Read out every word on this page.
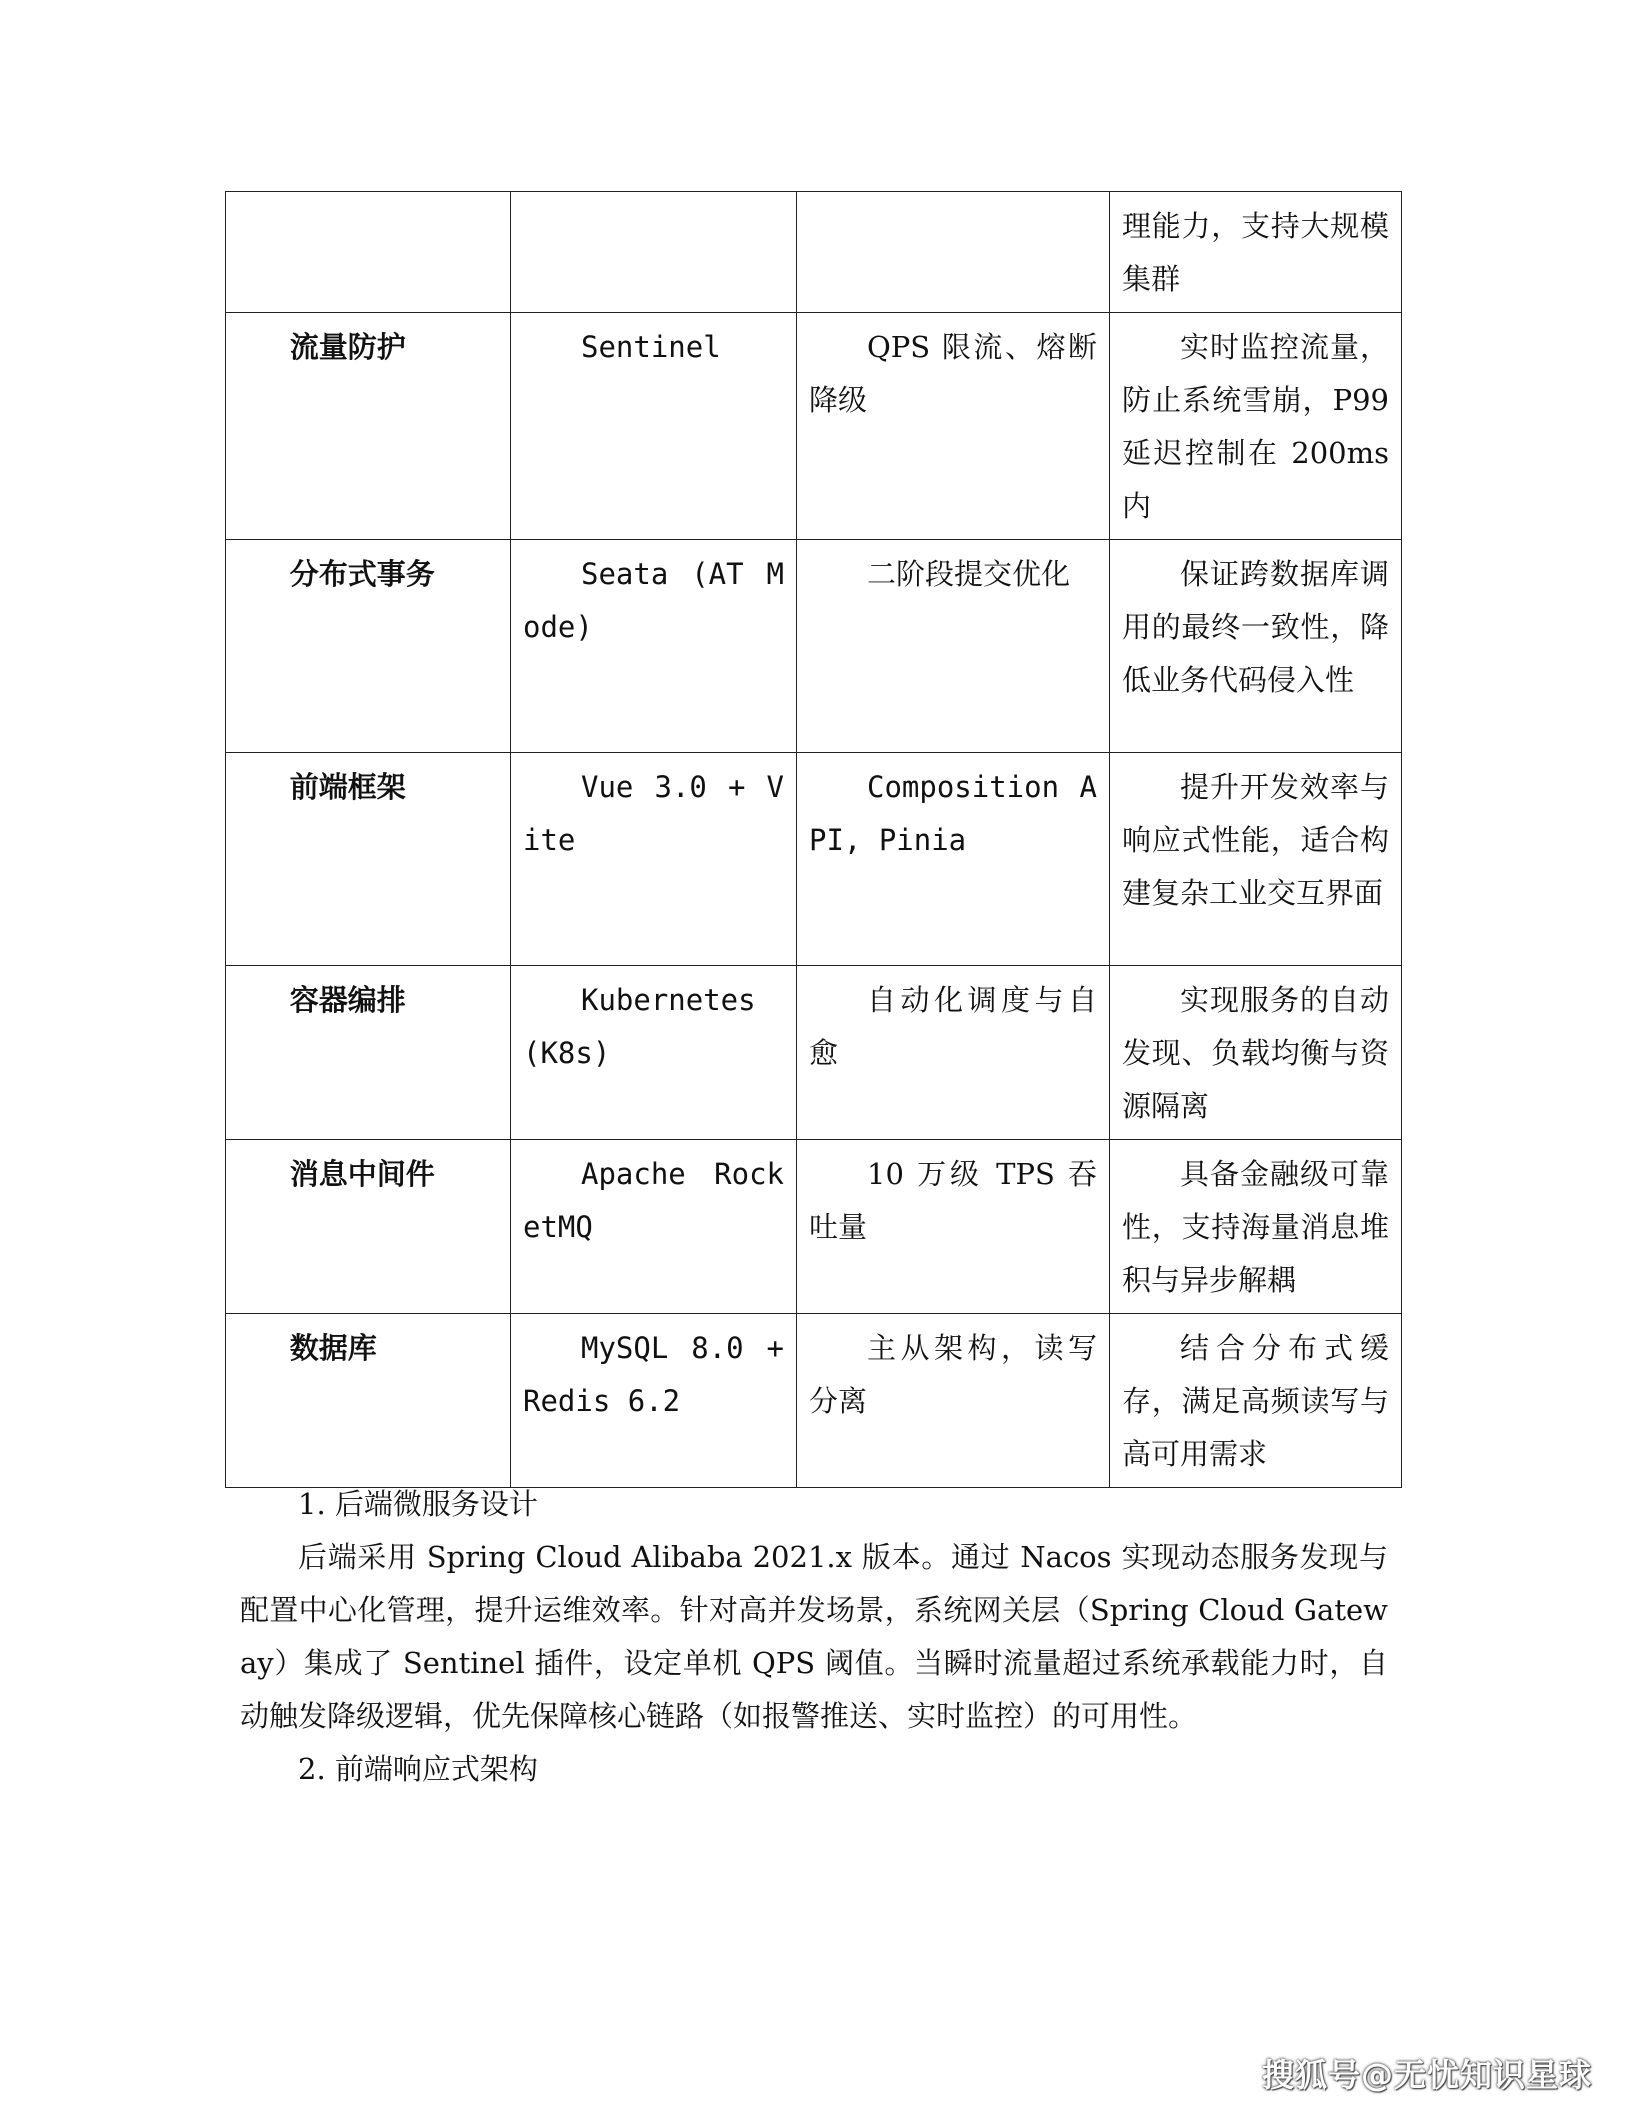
			理能力，支持大规模集群
流量防护	Sentinel	QPS 限流、熔断降级	实时监控流量，防止系统雪崩，P99 延迟控制在 200ms 内
分布式事务	Seata (AT Mode)	二阶段提交优化	保证跨数据库调用的最终一致性，降低业务代码侵入性
前端框架	Vue 3.0 + Vite	Composition API, Pinia	提升开发效率与响应式性能，适合构建复杂工业交互界面
容器编排	Kubernetes (K8s)	自动化调度与自愈	实现服务的自动发现、负载均衡与资源隔离
消息中间件	Apache RocketMQ	10 万级 TPS 吞吐量	具备金融级可靠性，支持海量消息堆积与异步解耦
数据库	MySQL 8.0 + Redis 6.2	主从架构，读写分离	结合分布式缓存，满足高频读写与高可用需求

1. 后端微服务设计

后端采用 Spring Cloud Alibaba 2021.x 版本。通过 Nacos 实现动态服务发现与配置中心化管理，提升运维效率。针对高并发场景，系统网关层（Spring Cloud Gateway）集成了 Sentinel 插件，设定单机 QPS 阈值。当瞬时流量超过系统承载能力时，自动触发降级逻辑，优先保障核心链路（如报警推送、实时监控）的可用性。

2. 前端响应式架构

搜狐号@无忧知识星球
